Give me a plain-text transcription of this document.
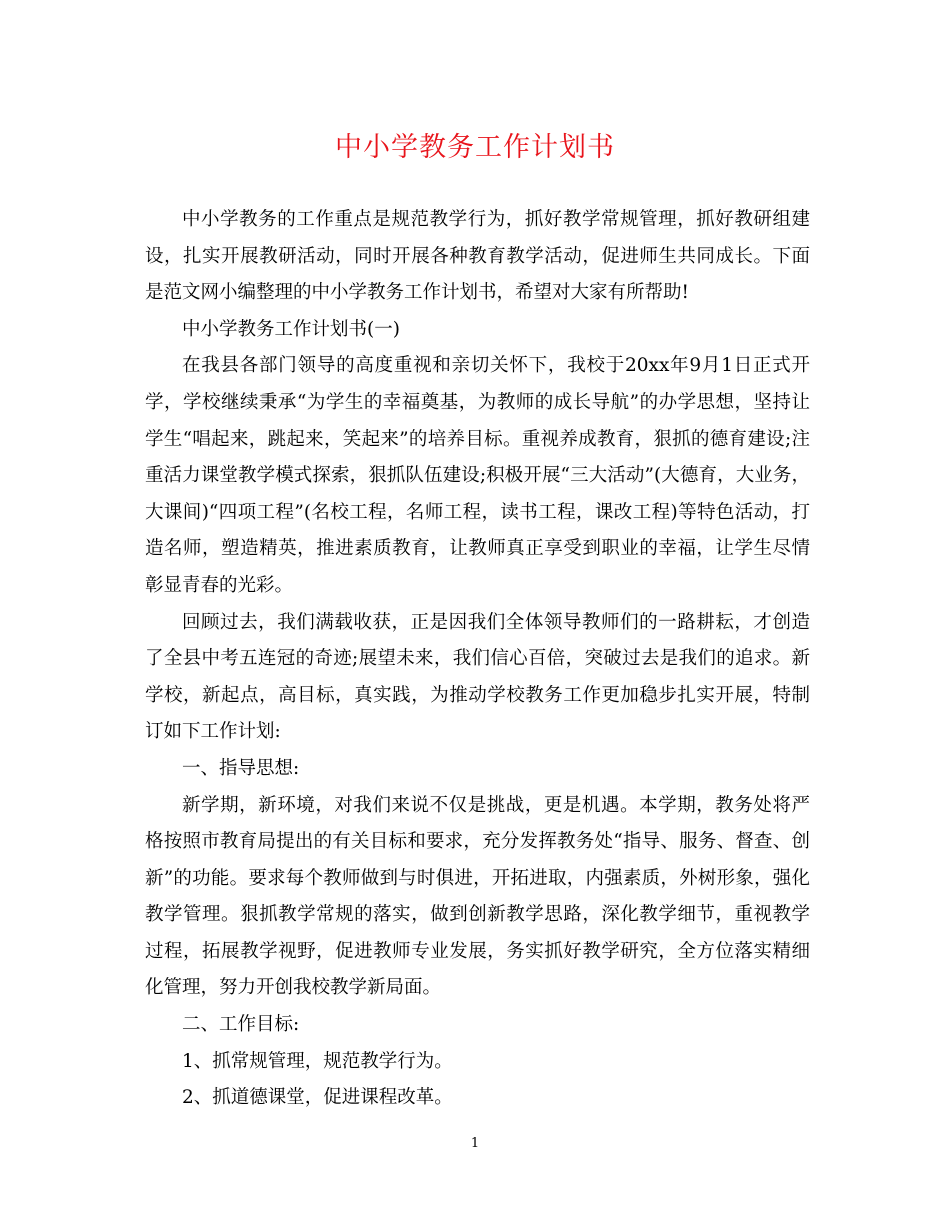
中小学教务工作计划书

中小学教务的工作重点是规范教学行为，抓好教学常规管理，抓好教研组建设，扎实开展教研活动，同时开展各种教育教学活动，促进师生共同成长。下面是范文网小编整理的中小学教务工作计划书，希望对大家有所帮助!

中小学教务工作计划书(一)

在我县各部门领导的高度重视和亲切关怀下，我校于20xx年9月1日正式开学，学校继续秉承“为学生的幸福奠基，为教师的成长导航”的办学思想，坚持让学生“唱起来，跳起来，笑起来”的培养目标。重视养成教育，狠抓的德育建设;注重活力课堂教学模式探索，狠抓队伍建设;积极开展“三大活动”(大德育，大业务，大课间)“四项工程”(名校工程，名师工程，读书工程，课改工程)等特色活动，打造名师，塑造精英，推进素质教育，让教师真正享受到职业的幸福，让学生尽情彰显青春的光彩。

回顾过去，我们满载收获，正是因我们全体领导教师们的一路耕耘，才创造了全县中考五连冠的奇迹;展望未来，我们信心百倍，突破过去是我们的追求。新学校，新起点，高目标，真实践，为推动学校教务工作更加稳步扎实开展，特制订如下工作计划:

一、指导思想:

新学期，新环境，对我们来说不仅是挑战，更是机遇。本学期，教务处将严格按照市教育局提出的有关目标和要求，充分发挥教务处“指导、服务、督查、创新”的功能。要求每个教师做到与时俱进，开拓进取，内强素质，外树形象，强化教学管理。狠抓教学常规的落实，做到创新教学思路，深化教学细节，重视教学过程，拓展教学视野，促进教师专业发展，务实抓好教学研究，全方位落实精细化管理，努力开创我校教学新局面。

二、工作目标:

1、抓常规管理，规范教学行为。

2、抓道德课堂，促进课程改革。

1
